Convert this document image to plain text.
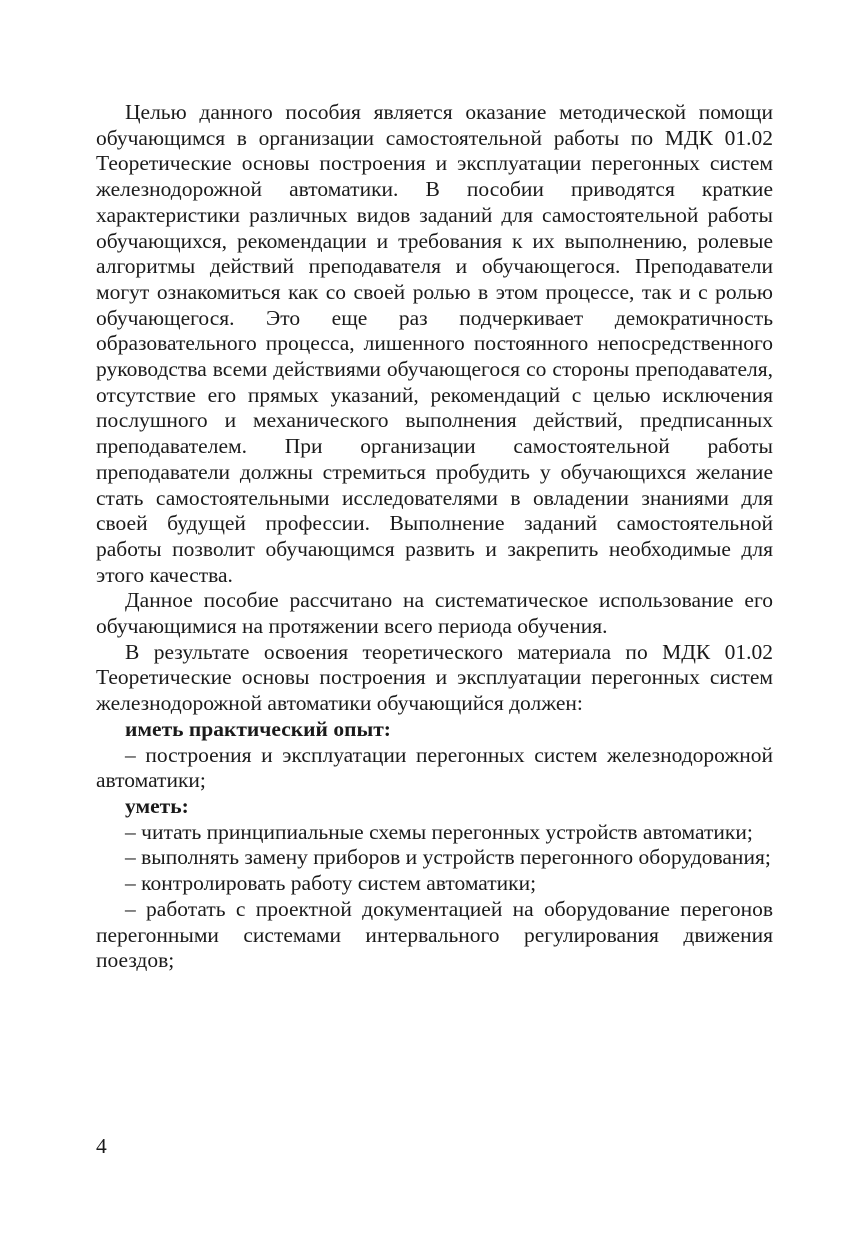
Целью данного пособия является оказание методической помощи обучающимся в организации самостоятельной работы по МДК 01.02 Теоретические основы построения и эксплуатации перегонных систем железнодорожной автоматики. В пособии приводятся краткие характеристики различных видов заданий для самостоятельной работы обучающихся, рекомендации и требования к их выполнению, ролевые алгоритмы действий преподавателя и обучающегося. Преподаватели могут ознакомиться как со своей ролью в этом процессе, так и с ролью обучающегося. Это еще раз подчеркивает демократичность образовательного процесса, лишенного постоянного непосредственного руководства всеми действиями обучающегося со стороны преподавателя, отсутствие его прямых указаний, рекомендаций с целью исключения послушного и механического выполнения действий, предписанных преподавателем. При организации самостоятельной работы преподаватели должны стремиться пробудить у обучающихся желание стать самостоятельными исследователями в овладении знаниями для своей будущей профессии. Выполнение заданий самостоятельной работы позволит обучающимся развить и закрепить необходимые для этого качества.

Данное пособие рассчитано на систематическое использование его обучающимися на протяжении всего периода обучения.

В результате освоения теоретического материала по МДК 01.02 Теоретические основы построения и эксплуатации перегонных систем железнодорожной автоматики обучающийся должен:

иметь практический опыт:

– построения и эксплуатации перегонных систем железнодорожной автоматики;

уметь:

– читать принципиальные схемы перегонных устройств автоматики;

– выполнять замену приборов и устройств перегонного оборудования;

– контролировать работу систем автоматики;

– работать с проектной документацией на оборудование перегонов перегонными системами интервального регулирования движения поездов;

4
